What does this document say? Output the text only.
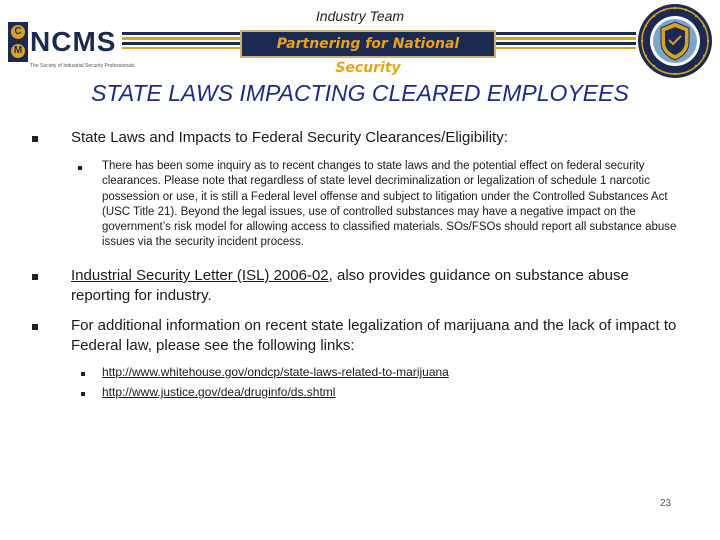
C
M NCMS
The Society of Industrial Security Professionals
Industry Team
Partnering for National Security
STATE LAWS IMPACTING CLEARED EMPLOYEES
State Laws and Impacts to Federal Security Clearances/Eligibility:
There has been some inquiry as to recent changes to state laws and the potential effect on federal security clearances. Please note that regardless of state level decriminalization or legalization of schedule 1 narcotic possession or use, it is still a Federal level offense and subject to litigation under the Controlled Substances Act (USC Title 21). Beyond the legal issues, use of controlled substances may have a negative impact on the government’s risk model for allowing access to classified materials. SOs/FSOs should report all substance abuse issues via the security incident process.
Industrial Security Letter (ISL) 2006-02, also provides guidance on substance abuse reporting for industry.
For additional information on recent state legalization of marijuana and the lack of impact to Federal law, please see the following links:
http://www.whitehouse.gov/ondcp/state-laws-related-to-marijuana
http://www.justice.gov/dea/druginfo/ds.shtml
23
